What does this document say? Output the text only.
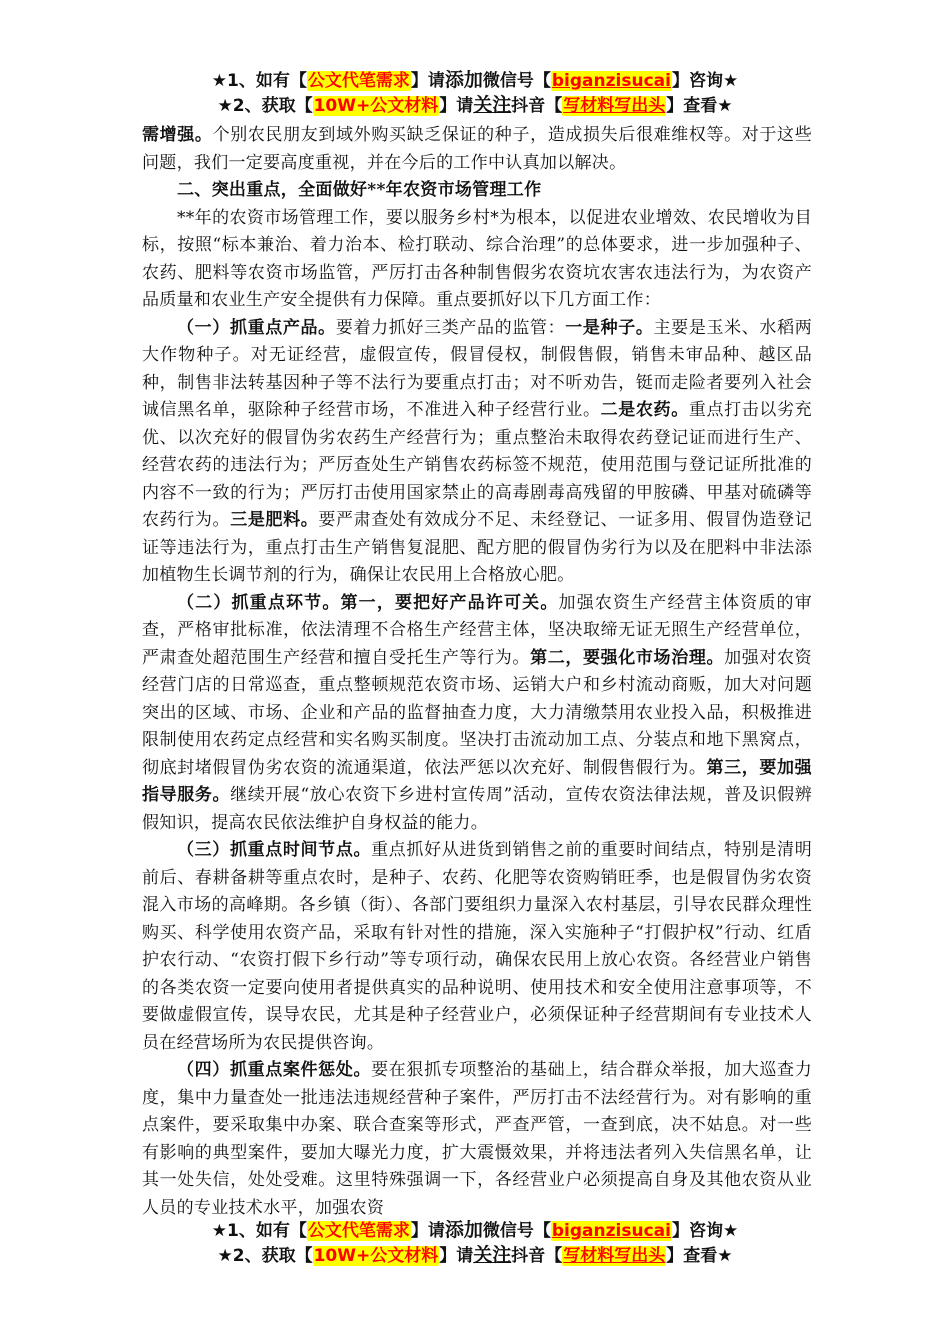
★1、如有【公文代笔需求】请添加微信号【biganzisucai】咨询★
★2、获取【10W+公文材料】请关注抖音【写材料写出头】查看★

需增强。个别农民朋友到域外购买缺乏保证的种子，造成损失后很难维权等。对于这些问题，我们一定要高度重视，并在今后的工作中认真加以解决。

二、突出重点，全面做好**年农资市场管理工作

**年的农资市场管理工作，要以服务乡村*为根本，以促进农业增效、农民增收为目标，按照“标本兼治、着力治本、检打联动、综合治理”的总体要求，进一步加强种子、农药、肥料等农资市场监管，严厉打击各种制售假劣农资坑农害农违法行为，为农资产品质量和农业生产安全提供有力保障。重点要抓好以下几方面工作：

（一）抓重点产品。要着力抓好三类产品的监管：一是种子。主要是玉米、水稻两大作物种子。对无证经营，虚假宣传，假冒侵权，制假售假，销售未审品种、越区品种，制售非法转基因种子等不法行为要重点打击；对不听劝告，铤而走险者要列入社会诚信黑名单，驱除种子经营市场，不准进入种子经营行业。二是农药。重点打击以劣充优、以次充好的假冒伪劣农药生产经营行为；重点整治未取得农药登记证而进行生产、经营农药的违法行为；严厉查处生产销售农药标签不规范，使用范围与登记证所批准的内容不一致的行为；严厉打击使用国家禁止的高毒剧毒高残留的甲胺磷、甲基对硫磷等农药行为。三是肥料。要严肃查处有效成分不足、未经登记、一证多用、假冒伪造登记证等违法行为，重点打击生产销售复混肥、配方肥的假冒伪劣行为以及在肥料中非法添加植物生长调节剂的行为，确保让农民用上合格放心肥。

（二）抓重点环节。第一，要把好产品许可关。加强农资生产经营主体资质的审查，严格审批标准，依法清理不合格生产经营主体，坚决取缔无证无照生产经营单位，严肃查处超范围生产经营和擅自受托生产等行为。第二，要强化市场治理。加强对农资经营门店的日常巡查，重点整顿规范农资市场、运销大户和乡村流动商贩，加大对问题突出的区域、市场、企业和产品的监督抽查力度，大力清缴禁用农业投入品，积极推进限制使用农药定点经营和实名购买制度。坚决打击流动加工点、分装点和地下黑窝点，彻底封堵假冒伪劣农资的流通渠道，依法严惩以次充好、制假售假行为。第三，要加强指导服务。继续开展“放心农资下乡进村宣传周”活动，宣传农资法律法规，普及识假辨假知识，提高农民依法维护自身权益的能力。

（三）抓重点时间节点。重点抓好从进货到销售之前的重要时间结点，特别是清明前后、春耕备耕等重点农时，是种子、农药、化肥等农资购销旺季，也是假冒伪劣农资混入市场的高峰期。各乡镇（街）、各部门要组织力量深入农村基层，引导农民群众理性购买、科学使用农资产品，采取有针对性的措施，深入实施种子“打假护权”行动、红盾护农行动、“农资打假下乡行动”等专项行动，确保农民用上放心农资。各经营业户销售的各类农资一定要向使用者提供真实的品种说明、使用技术和安全使用注意事项等，不要做虚假宣传，误导农民，尤其是种子经营业户，必须保证种子经营期间有专业技术人员在经营场所为农民提供咨询。

（四）抓重点案件惩处。要在狠抓专项整治的基础上，结合群众举报，加大巡查力度，集中力量查处一批违法违规经营种子案件，严厉打击不法经营行为。对有影响的重点案件，要采取集中办案、联合查案等形式，严查严管，一查到底，决不姑息。对一些有影响的典型案件，要加大曝光力度，扩大震慑效果，并将违法者列入失信黑名单，让其一处失信，处处受难。这里特殊强调一下，各经营业户必须提高自身及其他农资从业人员的专业技术水平，加强农资

★1、如有【公文代笔需求】请添加微信号【biganzisucai】咨询★
★2、获取【10W+公文材料】请关注抖音【写材料写出头】查看★
